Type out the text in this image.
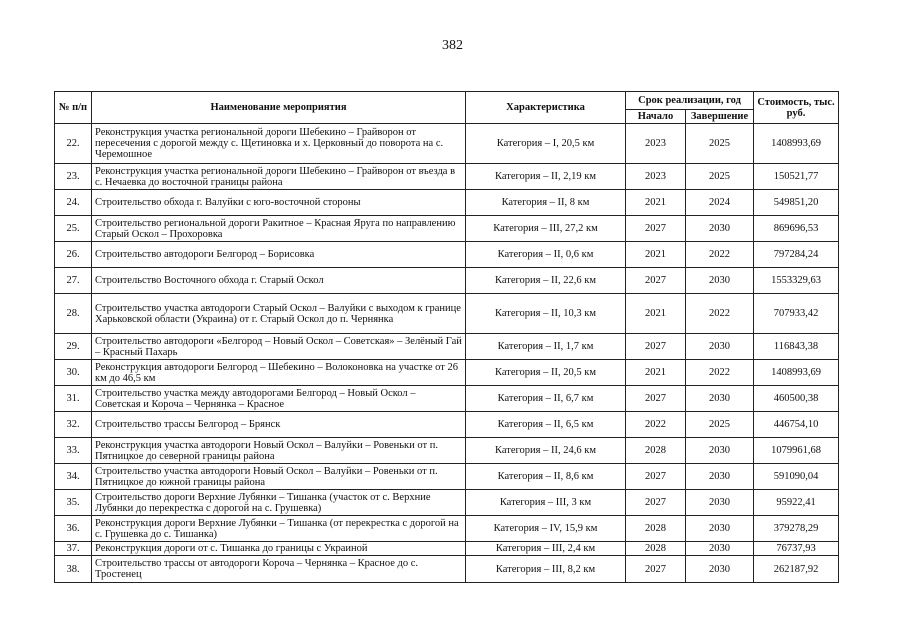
382
№ п/п	Наименование мероприятия	Характеристика	Срок реализации, год		Стоимость, тыс. руб.
			Начало	Завершение	
22.	Реконструкция участка региональной дороги Шебекино – Грайворон от пересечения с дорогой между с. Щетиновка и х. Церковный до поворота на с. Черемошное	Категория – I, 20,5 км	2023	2025	1408993,69
23.	Реконструкция участка региональной дороги Шебекино – Грайворон от въезда в с. Нечаевка до восточной границы района	Категория – II, 2,19 км	2023	2025	150521,77
24.	Строительство обхода г. Валуйки с юго-восточной стороны	Категория – II, 8 км	2021	2024	549851,20
25.	Строительство региональной дороги Ракитное – Красная Яруга по направлению Старый Оскол – Прохоровка	Категория – III, 27,2 км	2027	2030	869696,53
26.	Строительство автодороги Белгород – Борисовка	Категория – II, 0,6 км	2021	2022	797284,24
27.	Строительство Восточного обхода г. Старый Оскол	Категория – II, 22,6 км	2027	2030	1553329,63
28.	Строительство участка автодороги Старый Оскол – Валуйки с выходом к границе Харьковской области (Украина) от г. Старый Оскол до п. Чернянка	Категория – II, 10,3 км	2021	2022	707933,42
29.	Строительство автодороги «Белгород – Новый Оскол – Советская» – Зелёный Гай – Красный Пахарь	Категория – II, 1,7 км	2027	2030	116843,38
30.	Реконструкция автодороги Белгород – Шебекино – Волоконовка на участке от 26 км до 46,5 км	Категория – II, 20,5 км	2021	2022	1408993,69
31.	Строительство участка между автодорогами Белгород – Новый Оскол – Советская и Короча – Чернянка – Красное	Категория – II, 6,7 км	2027	2030	460500,38
32.	Строительство трассы Белгород – Брянск	Категория – II, 6,5 км	2022	2025	446754,10
33.	Реконструкция участка автодороги Новый Оскол – Валуйки – Ровеньки от п. Пятницкое до северной границы района	Категория – II, 24,6 км	2028	2030	1079961,68
34.	Строительство участка автодороги Новый Оскол – Валуйки – Ровеньки от п. Пятницкое до южной границы района	Категория – II, 8,6 км	2027	2030	591090,04
35.	Строительство дороги Верхние Лубянки – Тишанка (участок от с. Верхние Лубянки до перекрестка с дорогой на с. Грушевка)	Категория – III, 3 км	2027	2030	95922,41
36.	Реконструкция дороги Верхние Лубянки – Тишанка (от перекрестка с дорогой на с. Грушевка до с. Тишанка)	Категория – IV, 15,9 км	2028	2030	379278,29
37.	Реконструкция дороги от с. Тишанка до границы с Украиной	Категория – III, 2,4 км	2028	2030	76737,93
38.	Строительство трассы от автодороги Короча – Чернянка – Красное до с. Тростенец	Категория – III, 8,2 км	2027	2030	262187,92
